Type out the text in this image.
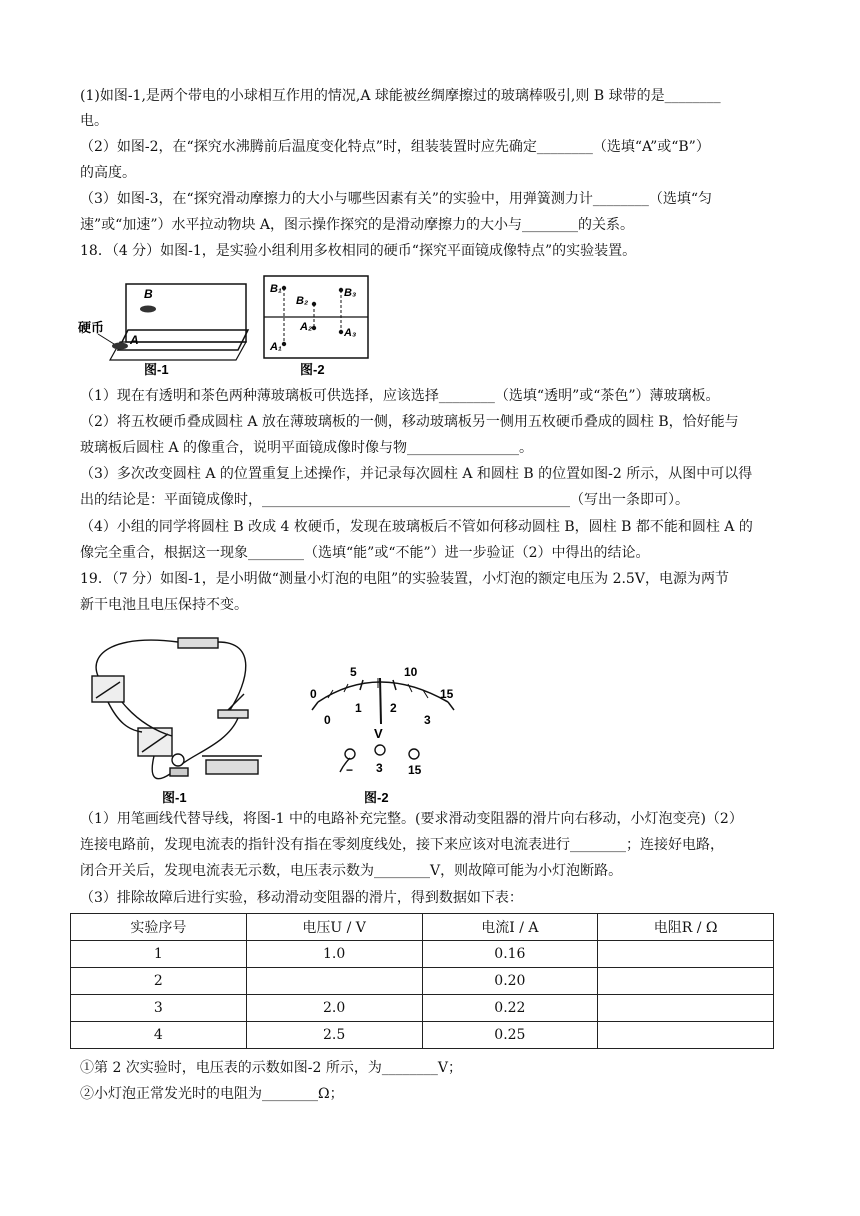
(1)如图-1,是两个带电的小球相互作用的情况,A 球能被丝绸摩擦过的玻璃棒吸引,则 B 球带的是________
电。
（2）如图-2，在“探究水沸腾前后温度变化特点”时，组装装置时应先确定________（选填“A”或“B”）
的高度。
（3）如图-3，在“探究滑动摩擦力的大小与哪些因素有关”的实验中，用弹簧测力计________（选填“匀
速”或“加速”）水平拉动物块 A，图示操作探究的是滑动摩擦力的大小与________的关系。
18．（4 分）如图-1，是实验小组利用多枚相同的硬币“探究平面镜成像特点”的实验装置。
B
A
硬币
图-1
B₁
B₂
B₃
A₁
A₂	A₃
图-2
（1）现在有透明和茶色两种薄玻璃板可供选择，应该选择________（选填“透明”或“茶色”）薄玻璃板。
（2）将五枚硬币叠成圆柱 A 放在薄玻璃板的一侧，移动玻璃板另一侧用五枚硬币叠成的圆柱 B，恰好能与
玻璃板后圆柱 A 的像重合，说明平面镜成像时像与物________________。
（3）多次改变圆柱 A 的位置重复上述操作，并记录每次圆柱 A 和圆柱 B 的位置如图-2 所示，从图中可以得
出的结论是：平面镜成像时，____________________________________________（写出一条即可）。
（4）小组的同学将圆柱 B 改成 4 枚硬币，发现在玻璃板后不管如何移动圆柱 B，圆柱 B 都不能和圆柱 A 的
像完全重合，根据这一现象________（选填“能”或“不能”）进一步验证（2）中得出的结论。
19．（7 分）如图-1，是小明做“测量小灯泡的电阻”的实验装置，小灯泡的额定电压为 2.5V，电源为两节
新干电池且电压保持不变。
图-1
0
5	10
15
0
1 2
3
V
− 3 15
图-2
（1）用笔画线代替导线，将图-1 中的电路补充完整。(要求滑动变阻器的滑片向右移动，小灯泡变亮)（2）
连接电路前，发现电流表的指针没有指在零刻度线处，接下来应该对电流表进行________；连接好电路，
闭合开关后，发现电流表无示数，电压表示数为________V，则故障可能为小灯泡断路。
（3）排除故障后进行实验，移动滑动变阻器的滑片，得到数据如下表：
实验序号	电压U / V	电流I / A	电阻R / Ω
1	1.0	0.16	
2		0.20	
3	2.0	0.22	
4	2.5	0.25	
①第 2 次实验时，电压表的示数如图-2 所示，为________V；
②小灯泡正常发光时的电阻为________Ω；
